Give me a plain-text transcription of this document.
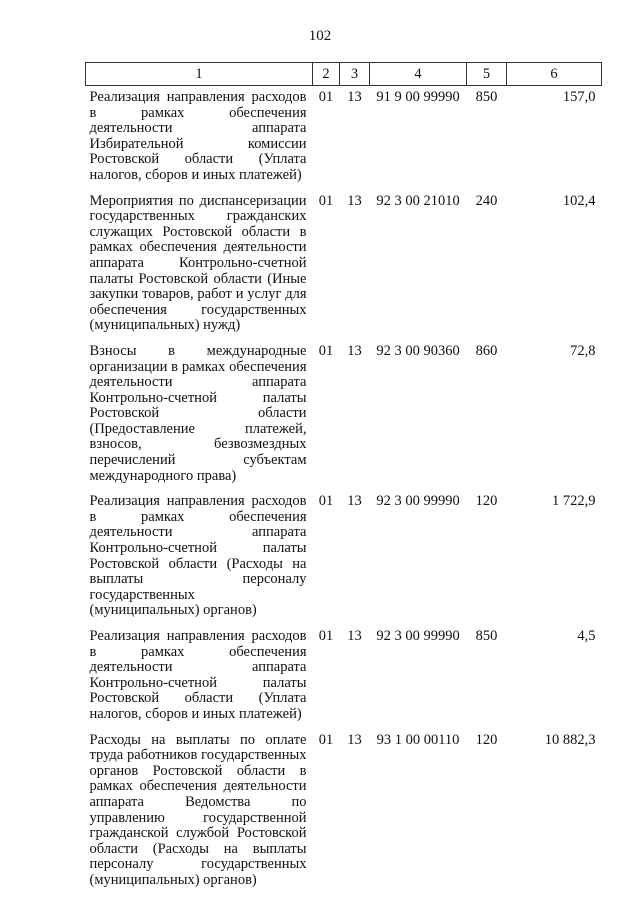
102
1	2	3	4	5	6
Реализация направления расходов в рамках обеспечения деятельности аппарата Избирательной комиссии Ростовской области (Уплата налогов, сборов и иных платежей)	01	13	91 9 00 99990	850	157,0
Мероприятия по диспансеризации государственных гражданских служащих Ростовской области в рамках обеспечения деятельности аппарата Контрольно-счетной палаты Ростовской области (Иные закупки товаров, работ и услуг для обеспечения государственных (муниципальных) нужд)	01	13	92 3 00 21010	240	102,4
Взносы в международные организации в рамках обеспечения деятельности аппарата Контрольно-счетной палаты Ростовской области (Предоставление платежей, взносов, безвозмездных перечислений субъектам международного права)	01	13	92 3 00 90360	860	72,8
Реализация направления расходов в рамках обеспечения деятельности аппарата Контрольно-счетной палаты Ростовской области (Расходы на выплаты персоналу государственных (муниципальных) органов)	01	13	92 3 00 99990	120	1 722,9
Реализация направления расходов в рамках обеспечения деятельности аппарата Контрольно-счетной палаты Ростовской области (Уплата налогов, сборов и иных платежей)	01	13	92 3 00 99990	850	4,5
Расходы на выплаты по оплате труда работников государственных органов Ростовской области в рамках обеспечения деятельности аппарата Ведомства по управлению государственной гражданской службой Ростовской области (Расходы на выплаты персоналу государственных (муниципальных) органов)	01	13	93 1 00 00110	120	10 882,3
